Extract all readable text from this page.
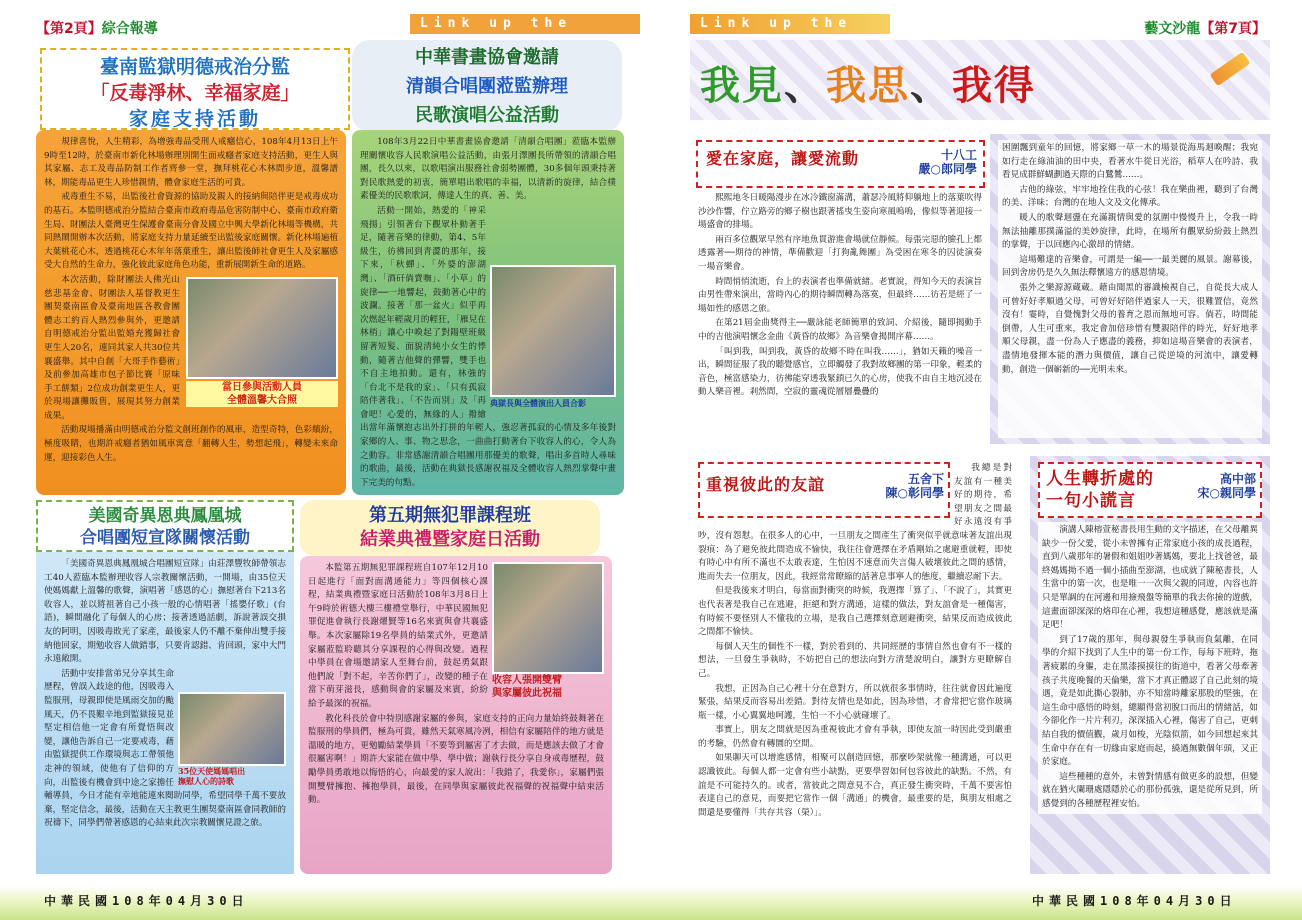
【第2頁】綜合報導	Link up the
臺南監獄明德戒治分監
「反毒淨林、幸福家庭」
家庭支持活動
中華書畫協會邀請
清韻合唱團蒞監辦理
民歌演唱公益活動

規律喜悅，人生精彩，為增強毒品受刑人戒癮信心，108年4月13日上午9時至12時，於臺南市新化林場辦理別開生面戒癮者家庭支持活動，更生人與其家屬、志工及毒品防制工作者齊參一堂，撫拜桃花心木林間步道，溫馨譜林，期能毒品更生人珍惜親情，體會家庭生活的可貴。

戒毒重生不易，出監後社會資源的協助及親人的接納與陪伴更是戒毒成功的基石。本監明德戒治分監結合臺南市政府毒品危害防制中心、臺南市政府衛生局、財團法人臺灣更生保護會臺南分會及國立中興大學新化林場等機構，共同熱鬧開辦本次活動，將家庭支持力量延續至出監後家庭關懷。新化林場遍植大葉桃花心木，透過桃花心木年年落葉重生，讓出監後師社會更生人及家屬感受大自然的生命力，強化彼此家庭角色功能，重新展開新生命的道路。

當日參與活動人員
全體溫馨大合照

本次活動，除財團法人佛光山慈悲基金會、財團法人基督教更生團契臺南區會及臺南地區各教會團體志工約百人熱烈參與外，更邀請自明德戒治分監出監婚充獲歸社會更生人20名，連同其家人共30位共襄盛舉。其中自創「大哥手作藝術」及前參加高雄市包子節比賽「原味手工餅類」2位成功創業更生人，更於現場讓攤販售，展現其努力創業成果。

活動現場播滿由明德戒治分監文創班創作的風車，造型奇特，色彩繽紛，極度吸睛，也期許戒癮者猶如風車寓意「翻轉人生，勢想起飛」，轉變未來命運，迎接彩色人生。

108年3月22日中華書畫協會邀請「清韻合唱團」蒞臨本監辦理關懷收容人民歌演唱公益活動，由張月澤團長所帶領的清韻合唱團，長久以來，以歌唱演出服務社會弱勢團體，30多個年頭秉持著對民歌熱愛的初衷，簡單唱出歌唱的幸福，以清新的旋律，結合樸素優美的民歌歌詞，傳達人生的真、善、美。

典獄長與全體演出人員合影

活動一開始，熱愛的「神采飛揚」引領著台下觀眾朴動著手足，隨著音樂的律動，第4、5年級生，彷彿回到青澀的那年，接下來，「秋蟬」、「外婆的澎湖灣」、「酒矸倘賣嘸」、「小草」的旋律──一地響起，鼓動著心中的波瀾。接著「那一盆火」似乎再次燃起年輕歲月的輕狂，「雁兒在林梢」讓心中喚起了對陽壁班級留著短髮、面貌清純小女生的悸動，隨著吉他聲的彈響，雙手也不自主地拍動。還有，林強的「台北不是我的家」、「只有孤寂陪伴著我」、「不告而別」及「再會吧！心愛的，無緣的人」撥繪出當年滿懷抱志出外打拼的年輕人，強忍著孤寂的心情及多年後對家鄉的人、事、物之思念，一曲曲打動著台下收容人的心，令人為之動容。非常感謝清韻合唱團用那優美的歌聲，唱出多首時人尋味的歌曲，最後，活動在典獄長感謝祝福及全體收容人熱烈掌聲中畫下完美的句點。

美國奇異恩典鳳凰城
合唱團短宣隊關懷活動
第五期無犯罪課程班
結業典禮暨家庭日活動

「美國奇異恩典鳳凰城合唱團短宣隊」由莊澤豐牧師帶領志工40人蒞臨本監辦理收容人宗教關懷活動，一開場，由35位天使媽媽獻上溫馨的歌聲，演唱著「感恩的心」撫慰著台下213名收容人，並以將祖著自己小孩一般的心情唱著「搖嬰仔歌」(台語)，瞬間融化了每個人的心房；接著透過話劇，訴說著誤交損友的阿明，因吸毒敗光了家產，最後家人仍不離不棄伸出雙手接納他回家，期勉收容人做錯事，只要肯認錯、肯回頭，家中大門永遠敞開。

35位天使媽媽唱出
撫慰人心的詩歌

活動中安排當弟兄分享其生命歷程，曾誤入歧途的他，因吸毒入監服刑，母親即使是風雨交加的颱風天，仍不畏艱辛地到監獄接見並堅定相信他一定會有所覺悟與改變，讓他告訴自己一定要戒毒，藉由監獄提供工作環境與志工帶領他走神的領域，使他有了信仰的方向，出監後有機會到中途之家擔任輔導員，今日才能有幸地能連來閱助同學，希望同學千萬不要放棄，堅定信念，最後，活動在天主教更生團契臺南區會同教師的祝禱下，同學們帶著感恩的心結束此次宗教關懷見證之旅。

收容人張開雙臂
與家屬彼此祝福

本監第五期無犯罪課程班自107年12月10日起進行「面對面溝通能力」等四個核心課程，結業典禮暨家庭日活動於108年3月8日上午9時於術德大樓三樓禮堂舉行，中華民國無犯罪促進會執行長謝燿賢等16名來賓與會共襄盛舉。本次家屬除19名學員的結業式外，更邀請家屬蒞監聆聽其分享課程的心得與改變。過程中學員在會場邀請家人至舞台前，鼓起勇氣跟他們說「對不起，辛苦你們了」，改變的種子在當下萌芽滋長，感動與會的家屬及來賓，紛紛給予最深的祝福。

教化科長於會中特別感謝家屬的參與，家庭支持的正向力量始終鼓舞著在監服刑的學員們，極為可貴，雖然天氣寒風冷冽，相信有家屬陪伴的地方就是溫暖的地方，更勉勵結業學員「不要等到屬害了才去做，而是應該去做了才會很屬害啊！」期許大家能在做中學、學中做；謝執行長分享自身戒毒歷程，鼓勵學員勇敢地以悔悟的心，向最愛的家人說出：「我錯了，我愛你」，家屬們張開雙臂擁抱、擁抱學員，最後，在同學與家屬彼此祝福聲的祝福聲中結束活動。

Link up the	藝文沙龍【第7頁】
我見、我思、我得
愛在家庭，讓愛流動	十八工
嚴○郎同學

熙熙地冬日暖陽漫步在冰冷鐵窗滿溝，蕭瑟冷風將仰躺地上的落葉吹得沙沙作響，佇立路旁的鄉子樹也跟著搖曳生姿向寒風嗚嗚，像似等著迎接一場盛會的排場。

兩百多位觀眾早然有序地魚貫游進會場就位靜候。每張完惡的臉孔上都透露著──期待的神情，準備歡迎「打狗亂舞團」為受困在寒冬的囚徒演奏一場音樂會。

時間悄悄流逝，台上的表演者也準備就緒。老實說，得知今天的表演旨由男性帶來演出，當時內心的期待瞬間轉為落寞，但最終……彷若是經了一場如性的感恩之旅。

在第21屆金曲獎得主──嚴詠能老師簡單的致詞、介紹後，隨即揭動手中的吉他演唱懷念金曲《黃昏的故鄉》為音樂會揭開序幕……。

「叫到我，叫到我，黃昏的故鄉不時在叫我……」，猶如天籟的噪音一出，瞬間征服了我的聽覺感官，立即觸發了我對故鄉團的第一印象，輕柔的音色，極富感染力，彷彿能穿透我緊鎖已久的心房，使我不由自主地沉浸在動人樂音裡。剎然間，空寂的靈魂從層層疊疊的

困圍飄到童年的回憶，將家鄉一草一木的場景從海馬迴喚醒；我宛如行走在綠油油的田中央，看著水牛從日光浴，稻草人在吟詩、我看見成群鮮蝴劃過天際的白鷺鷥……。

古他的綠弦，牢牢地拴住我的心弦！我在樂曲裡，聽到了台灣的美、洋味；台灣的在地人文及文化傳承。

暖人的歌聲迴盪在充滿親情與愛的氛圍中慢慢升上，令我一時無法抽離那撲滿溢的美妙旋律，此時，在場所有觀眾紛紛鼓上熱烈的掌聲，于以回應內心激昂的情緒。

這場難達的音樂會，可謂是一編──一最美麗的風景。謝幕後，回到舍房仍是久久無法釋懷遠方的感恩情境。

張外之樂源源蔵蔵。藉由聞黑的審識檢視自己，自從長大成人可曾好好孝順過父母，可曾好好陪伴過家人一天，很難置信，竟然沒有！霎時，自覺愧對父母的養育之恩而無地可容。倘若，時間能倒帶，人生可重來，我定會加倍珍惜有雙親陪伴的時光，好好地孝順父母親，盡一份為人子應盡的義務，抑如這場音樂會的表演者，盡情地發揮本能的潛力與價值，讓自己從逆境的河流中，讓愛轉動，創造一個嶄新的──光明未來。

重視彼此的友誼	五舍下
陳○彰同學

我總是對友誼有一種美好的期待，希望朋友之間最好永遠沒有爭吵，沒有怨懟。在很多人的心中，一旦朋友之間產生了衝突似乎就意味著友誼出現裂痕：為了避免彼此間造成不愉快，我往往會選擇在矛盾剛始之處避重就輕，即使有時心中有所不滿也不太敢表達，生怕因不速意而失言傷人破壞彼此之間的感情，進而失去一位朋友，因此，我經常常瞭縮的話著息事寧人的態度，繼續忍耐下去。

但是我後來才明白，每當面對衝突的時候，我選擇「算了」、「不說了」，其實更也代表著是我自己在逃避，拒絕和對方溝通，這樣的做法，對友誼會是一種傷害，有時候不要怪別人不懂我的立場，是我自己選擇刻意迴避衝突，結果反而造成彼此之間都不愉快。

每個人天生的個性不一樣，對於看到的、共同經歷的事情自然也會有不一樣的想法，一旦發生爭執時，不妨把自己的想法向對方清楚說明白，讓對方更瞭解自己。

我想，正因為自己心裡十分在意對方，所以就很多事情時，往往就會因此遍度緊張，結果反而容易出差錯。對待友情也是如此，因為珍惜，才會常把它當作玻璃瓶一樣，小心翼翼地呵護，生怕一不小心就碰壞了。

事實上，朋友之間就是因為重視彼此才會有爭執，即使友誼一時因此受到嚴重的考驗，仍然會有轉圜的空間。

如果聊天可以增進感情，相聚可以創造回憶，那麼吵架就像一種溝通，可以更認識彼此。每個人都一定會有些小缺點，更要學習如何包容彼此的缺點。不然，有誼是不可能持久的。或者，當彼此之間意見不合，真正發生衝突時，千萬不要害怕表達自己的意見，而要把它當作一個「溝通」的機會，最重要的是，與朋友相處之間還是要懂得「共存共容（榮）」。

人生轉折處的
一句小謊言
高中部
宋○親同學

演講人陳榕萱秘書長用生動的文字描述，在父母離異缺少一份父愛，從小未曾擁有正常家庭小孩的成長過程，直到八歲那年的暑假和姐姐吵著媽媽，要北上找爸爸，最終媽媽拗不過一個小插曲至澎湖，也成就了陳秘書長，人生當中的第一次，也是唯一一次與父親的同遊，內容也許只是單調的在河邊和用撿飛盤等簡單的我去你撿的遊戲，這畫面卻深深的烙印在心裡，我想這種感覺，應該就是滿足吧！

到了17歲的那年，與母親發生爭執而負氣離，在同學的介紹下找到了人生中的第一份工作，每每下班時，拖著疲累的身軀，走在黑漆摸摸往的街道中，看著父母牽著孩子共度晚餐的天倫樂，當下才真正體認了自己此刻的境遇，竟是如此撕心裂肺，亦不知當時離家那股的堅強，在這生命中感悟的時刻，總顯得當初脫口而出的情緒話，如今卻化作一片片利刃，深深插入心裡，傷害了自己，更刺結自我的價值觀，歲月如梭，光陰似箭，如今回想起來其生命中存在有一切緣由家庭而起，繞過無數個年頭，又正於家庭。

這些種種的意外，未曾對情感有做更多的設想，但變就在猶火闌珊處隱隱於心的那份孤強，還是從所見到，所感覺到的各種歷程裡安怡。

中華民國108年04月30日	中華民國108年04月30日
